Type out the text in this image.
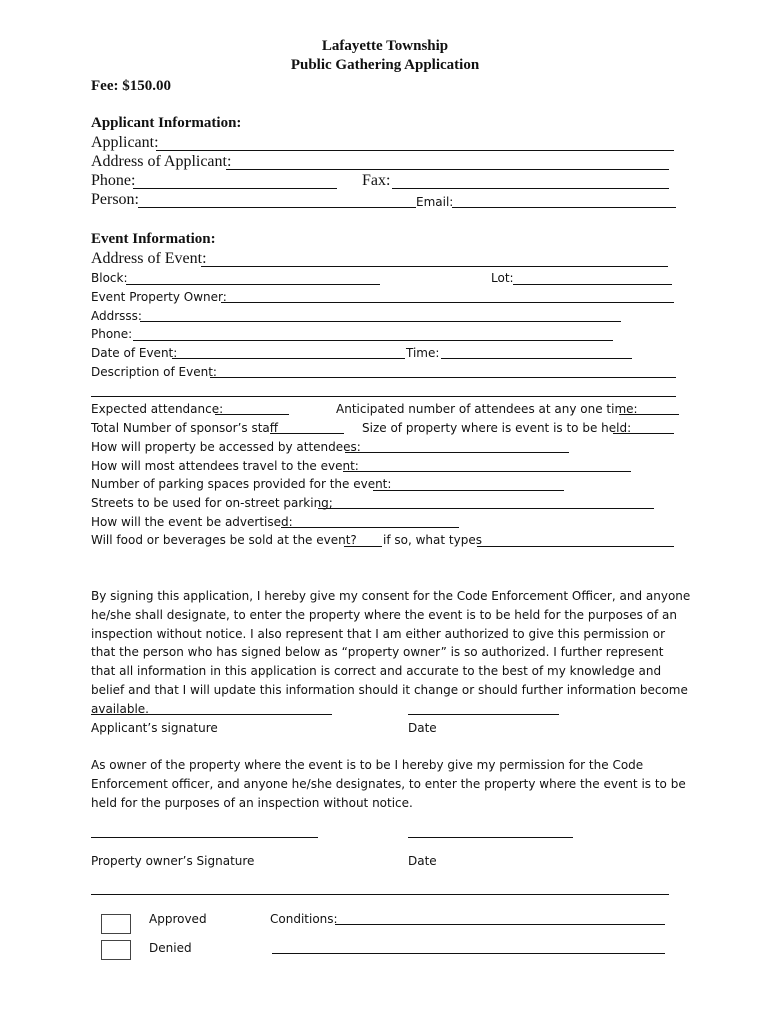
Lafayette Township
Public Gathering Application
Fee: $150.00
Applicant Information:
Applicant:
Address of Applicant:
Phone:	Fax:
Person:	Email:
Event Information:
Address of Event:
Block:	Lot:
Event Property Owner:
Addrsss:
Phone:
Date of Event:	Time:
Description of Event:
Expected attendance:	Anticipated number of attendees at any one time:
Total Number of sponsor’s staff	Size of property where is event is to be held:
How will property be accessed by attendees:
How will most attendees travel to the event:
Number of parking spaces provided for the event:
Streets to be used for on-street parking;
How will the event be advertised:
Will food or beverages be sold at the event? if so, what types
By signing this application, I hereby give my consent for the Code Enforcement Officer, and anyone he/she shall designate, to enter the property where the event is to be held for the purposes of an inspection without notice. I also represent that I am either authorized to give this permission or that the person who has signed below as “property owner” is so authorized. I further represent that all information in this application is correct and accurate to the best of my knowledge and belief and that I will update this information should it change or should further information become available.
Applicant’s signature	Date
As owner of the property where the event is to be I hereby give my permission for the Code Enforcement officer, and anyone he/she designates, to enter the property where the event is to be held for the purposes of an inspection without notice.
Property owner’s Signature	Date
Approved	Conditions:
Denied
